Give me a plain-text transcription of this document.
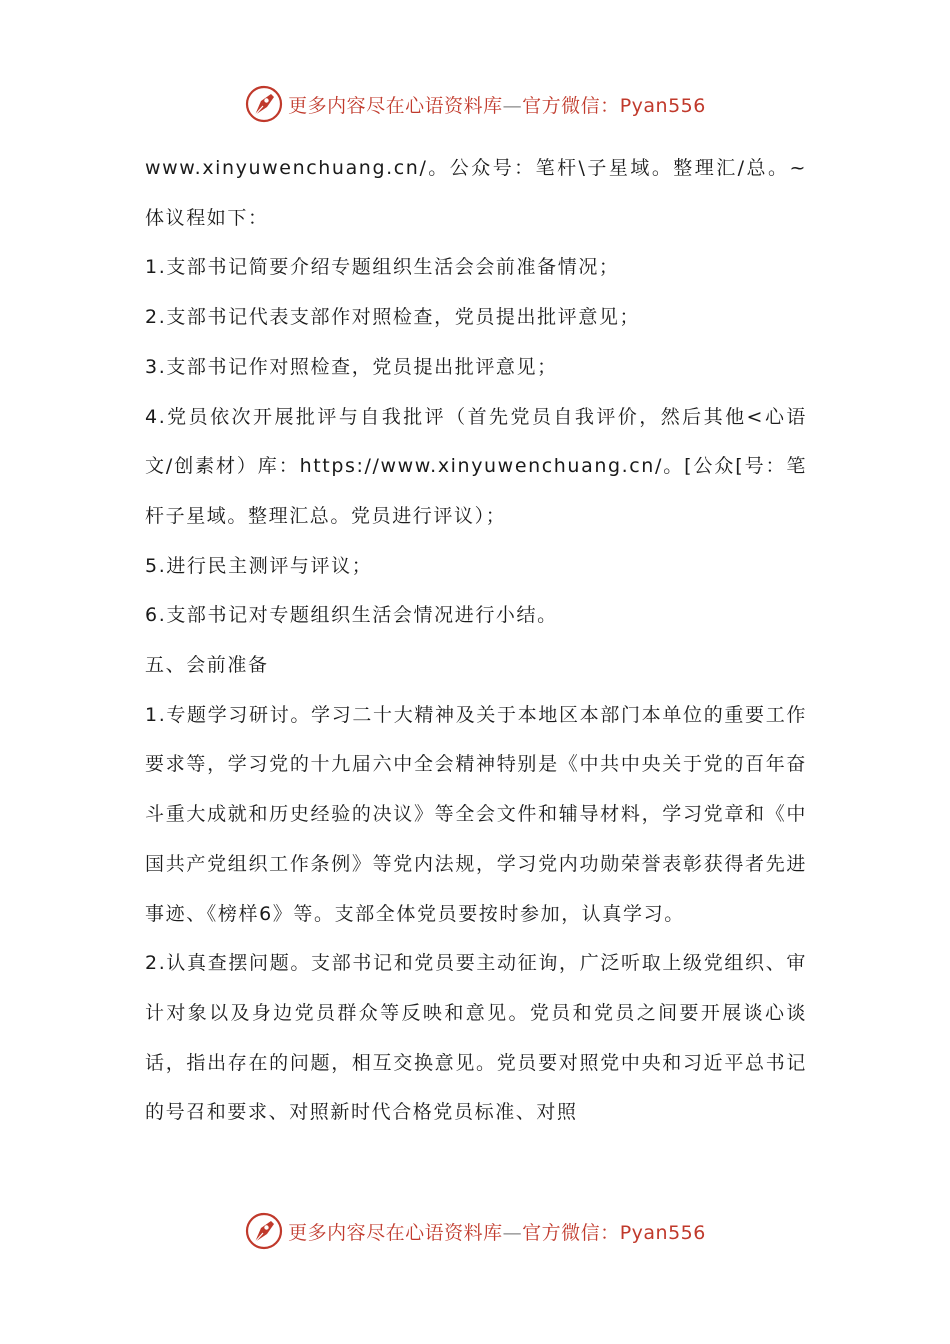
更多内容尽在心语资料库—官方微信：Pyan556

www.xinyuwenchuang.cn/。公众号：笔杆\子星域。整理汇/总。~体议程如下：

1.支部书记简要介绍专题组织生活会会前准备情况；

2.支部书记代表支部作对照检查，党员提出批评意见；

3.支部书记作对照检查，党员提出批评意见；

4.党员依次开展批评与自我批评（首先党员自我评价，然后其他<心语文/创素材）库：https://www.xinyuwenchuang.cn/。[公众[号：笔杆子星域。整理汇总。党员进行评议）；

5.进行民主测评与评议；

6.支部书记对专题组织生活会情况进行小结。

五、会前准备

1.专题学习研讨。学习二十大精神及关于本地区本部门本单位的重要工作要求等，学习党的十九届六中全会精神特别是《中共中央关于党的百年奋斗重大成就和历史经验的决议》等全会文件和辅导材料，学习党章和《中国共产党组织工作条例》等党内法规，学习党内功勋荣誉表彰获得者先进事迹、《榜样6》等。支部全体党员要按时参加，认真学习。

2.认真查摆问题。支部书记和党员要主动征询，广泛听取上级党组织、审计对象以及身边党员群众等反映和意见。党员和党员之间要开展谈心谈话，指出存在的问题，相互交换意见。党员要对照党中央和习近平总书记的号召和要求、对照新时代合格党员标准、对照

更多内容尽在心语资料库—官方微信：Pyan556
